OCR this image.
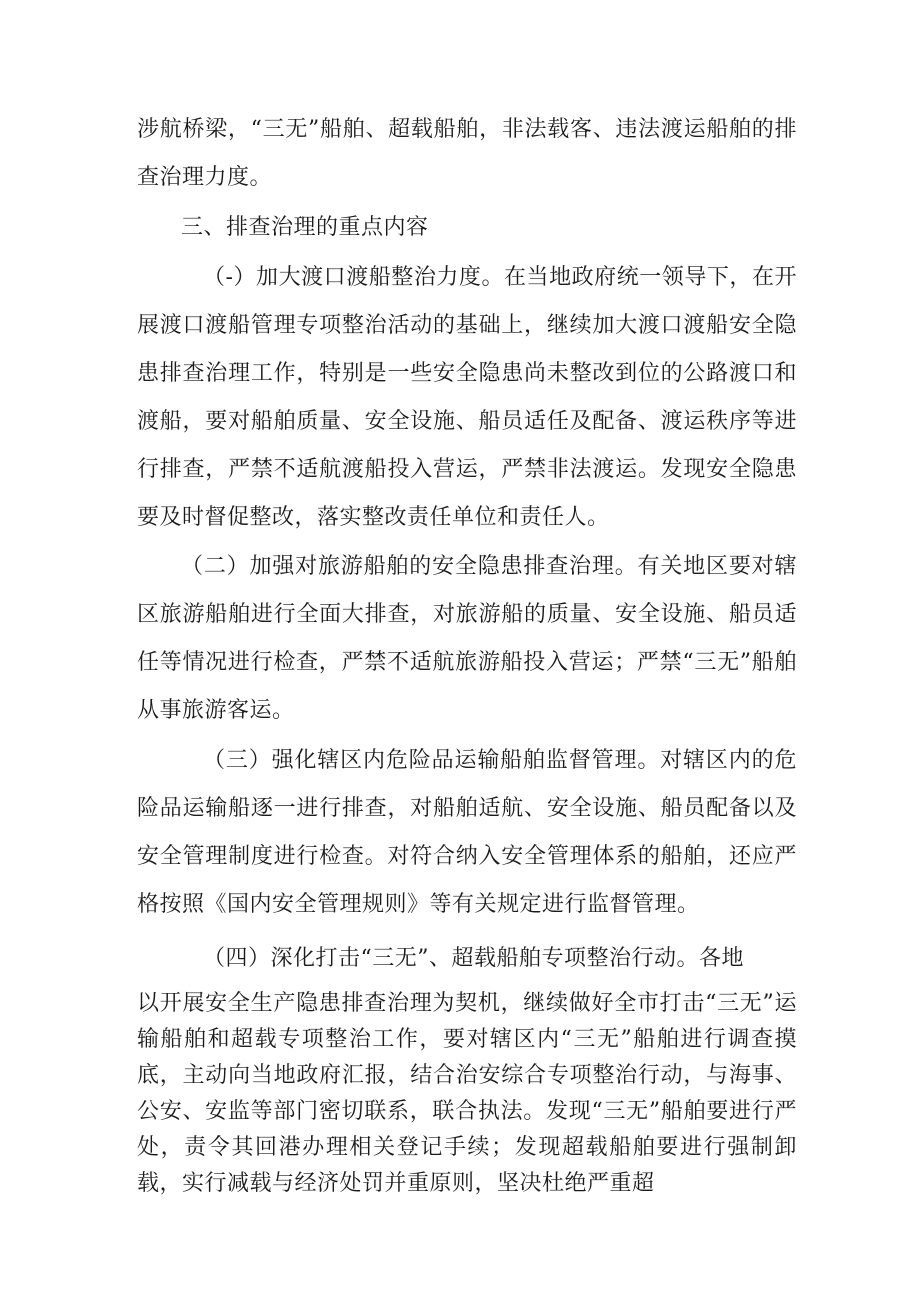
涉航桥梁，“三无”船舶、超载船舶，非法载客、违法渡运船舶的排查治理力度。

三、排查治理的重点内容

（-）加大渡口渡船整治力度。在当地政府统一领导下，在开展渡口渡船管理专项整治活动的基础上，继续加大渡口渡船安全隐患排查治理工作，特别是一些安全隐患尚未整改到位的公路渡口和渡船，要对船舶质量、安全设施、船员适任及配备、渡运秩序等进行排查，严禁不适航渡船投入营运，严禁非法渡运。发现安全隐患要及时督促整改，落实整改责任单位和责任人。

（二）加强对旅游船舶的安全隐患排查治理。有关地区要对辖区旅游船舶进行全面大排查，对旅游船的质量、安全设施、船员适任等情况进行检查，严禁不适航旅游船投入营运；严禁“三无”船舶从事旅游客运。

（三）强化辖区内危险品运输船舶监督管理。对辖区内的危险品运输船逐一进行排查，对船舶适航、安全设施、船员配备以及安全管理制度进行检查。对符合纳入安全管理体系的船舶，还应严格按照《国内安全管理规则》等有关规定进行监督管理。

（四）深化打击“三无”、超载船舶专项整治行动。各地

以开展安全生产隐患排查治理为契机，继续做好全市打击“三无”运输船舶和超载专项整治工作，要对辖区内“三无”船舶进行调查摸底，主动向当地政府汇报，结合治安综合专项整治行动，与海事、公安、安监等部门密切联系，联合执法。发现“三无”船舶要进行严处，责令其回港办理相关登记手续；发现超载船舶要进行强制卸载，实行减载与经济处罚并重原则，坚决杜绝严重超
